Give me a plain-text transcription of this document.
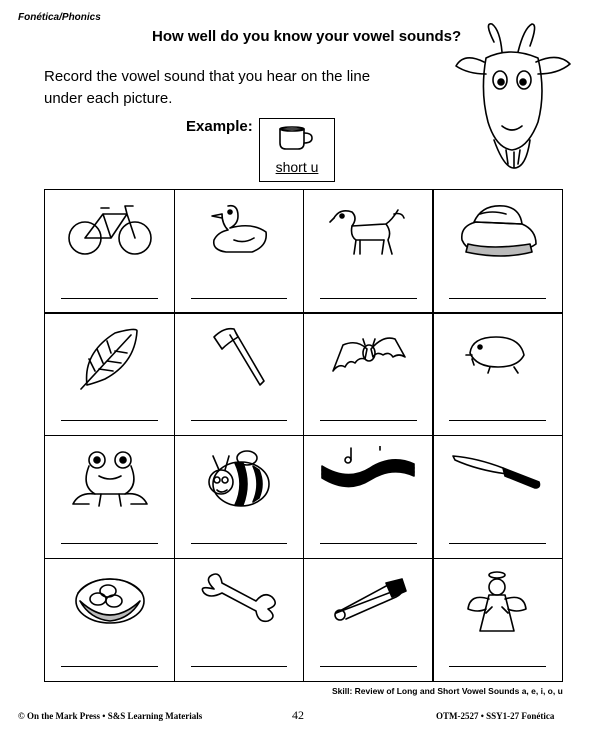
Fonética/Phonics
How well do you know your vowel sounds?
Record the vowel sound that you hear on the line under each picture.
Example:
short u
Skill: Review of Long and Short Vowel Sounds a, e, i, o, u
© On the Mark Press • S&S Learning Materials	42	OTM-2527 • SSY1-27 Fonética
